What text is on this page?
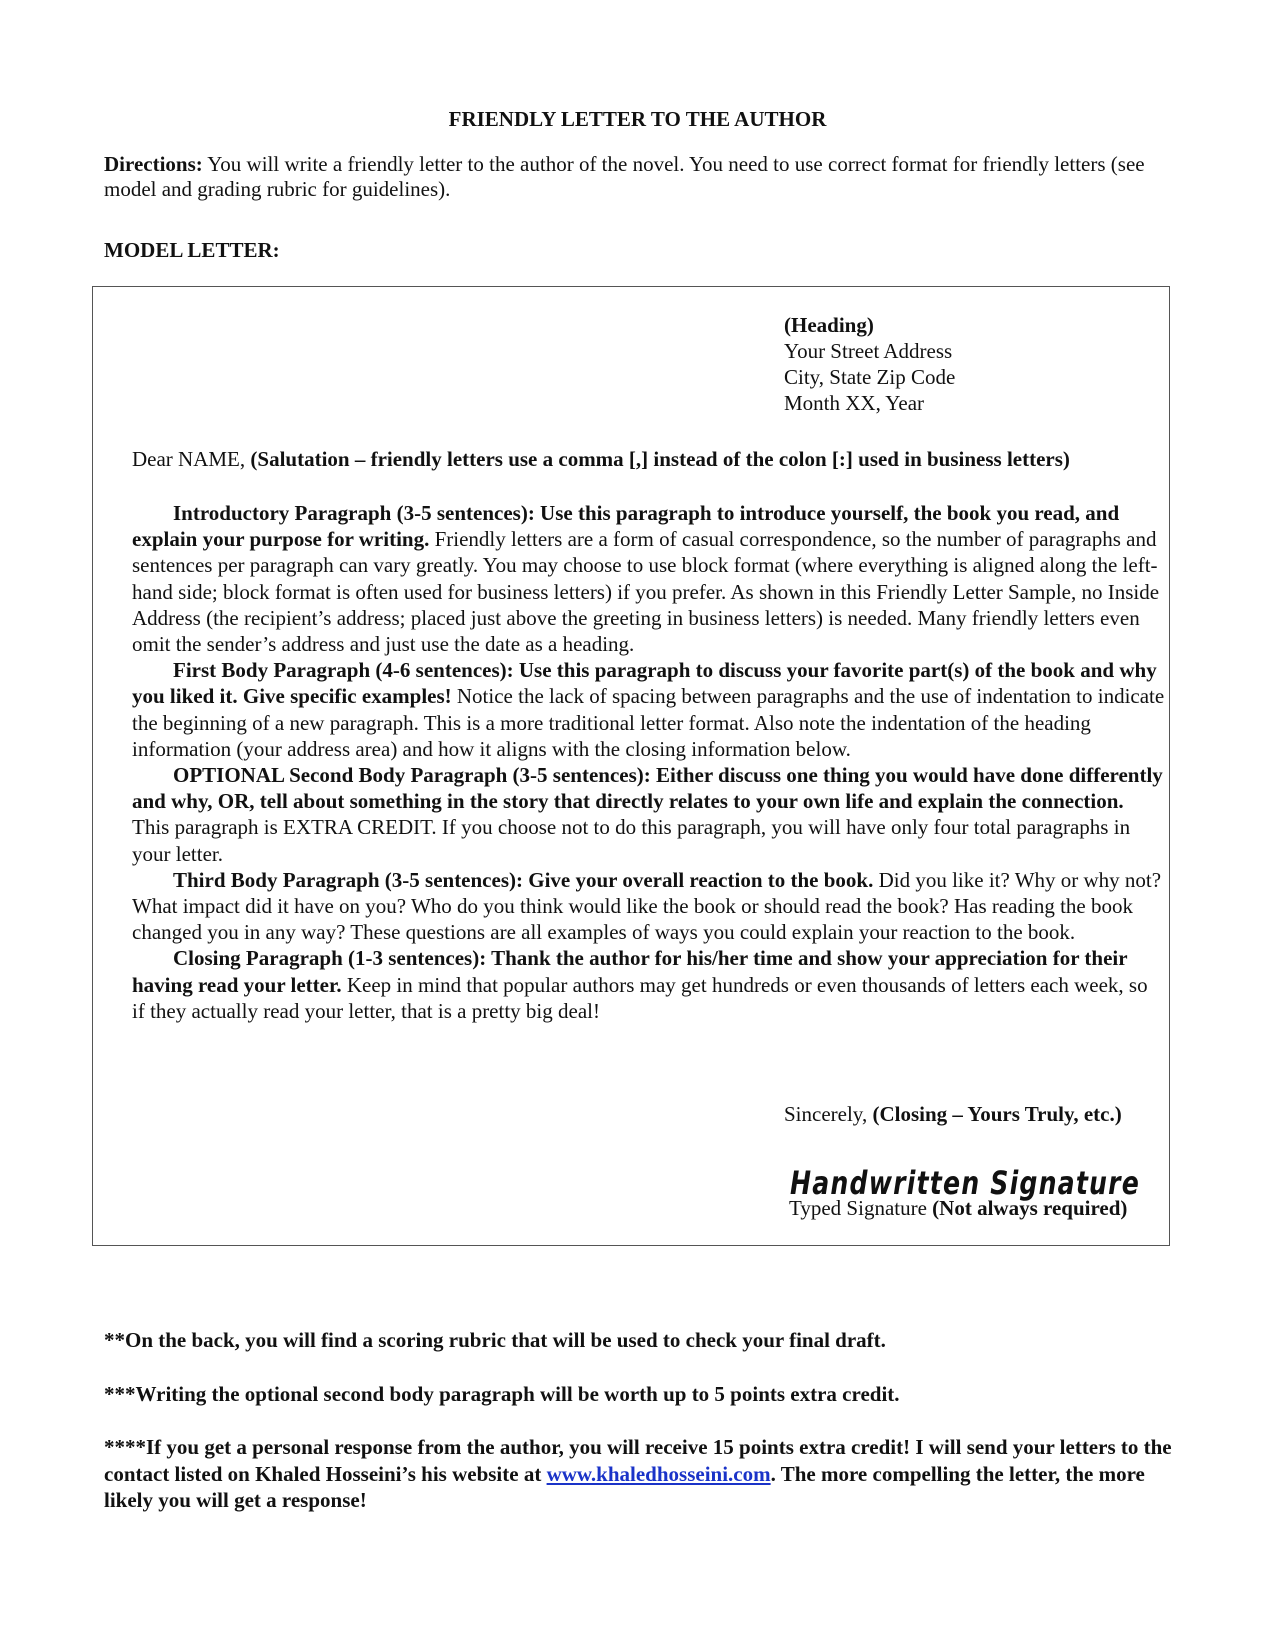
FRIENDLY LETTER TO THE AUTHOR

Directions: You will write a friendly letter to the author of the novel. You need to use correct format for friendly letters (see model and grading rubric for guidelines).

MODEL LETTER:
(Heading)
Your Street Address
City, State Zip Code
Month XX, Year
Dear NAME, (Salutation – friendly letters use a comma [,] instead of the colon [:] used in business letters)

Introductory Paragraph (3-5 sentences): Use this paragraph to introduce yourself, the book you read, and explain your purpose for writing. Friendly letters are a form of casual correspondence, so the number of paragraphs and sentences per paragraph can vary greatly. You may choose to use block format (where everything is aligned along the left-hand side; block format is often used for business letters) if you prefer. As shown in this Friendly Letter Sample, no Inside Address (the recipient’s address; placed just above the greeting in business letters) is needed. Many friendly letters even omit the sender’s address and just use the date as a heading.

First Body Paragraph (4-6 sentences): Use this paragraph to discuss your favorite part(s) of the book and why you liked it. Give specific examples! Notice the lack of spacing between paragraphs and the use of indentation to indicate the beginning of a new paragraph. This is a more traditional letter format. Also note the indentation of the heading information (your address area) and how it aligns with the closing information below.

OPTIONAL Second Body Paragraph (3-5 sentences): Either discuss one thing you would have done differently and why, OR, tell about something in the story that directly relates to your own life and explain the connection. This paragraph is EXTRA CREDIT. If you choose not to do this paragraph, you will have only four total paragraphs in your letter.

Third Body Paragraph (3-5 sentences): Give your overall reaction to the book. Did you like it? Why or why not? What impact did it have on you? Who do you think would like the book or should read the book? Has reading the book changed you in any way? These questions are all examples of ways you could explain your reaction to the book.

Closing Paragraph (1-3 sentences): Thank the author for his/her time and show your appreciation for their having read your letter. Keep in mind that popular authors may get hundreds or even thousands of letters each week, so if they actually read your letter, that is a pretty big deal!

Sincerely, (Closing – Yours Truly, etc.)
Handwritten Signature
Typed Signature (Not always required)

**On the back, you will find a scoring rubric that will be used to check your final draft.

***Writing the optional second body paragraph will be worth up to 5 points extra credit.

****If you get a personal response from the author, you will receive 15 points extra credit! I will send your letters to the contact listed on Khaled Hosseini’s his website at www.khaledhosseini.com. The more compelling the letter, the more likely you will get a response!
